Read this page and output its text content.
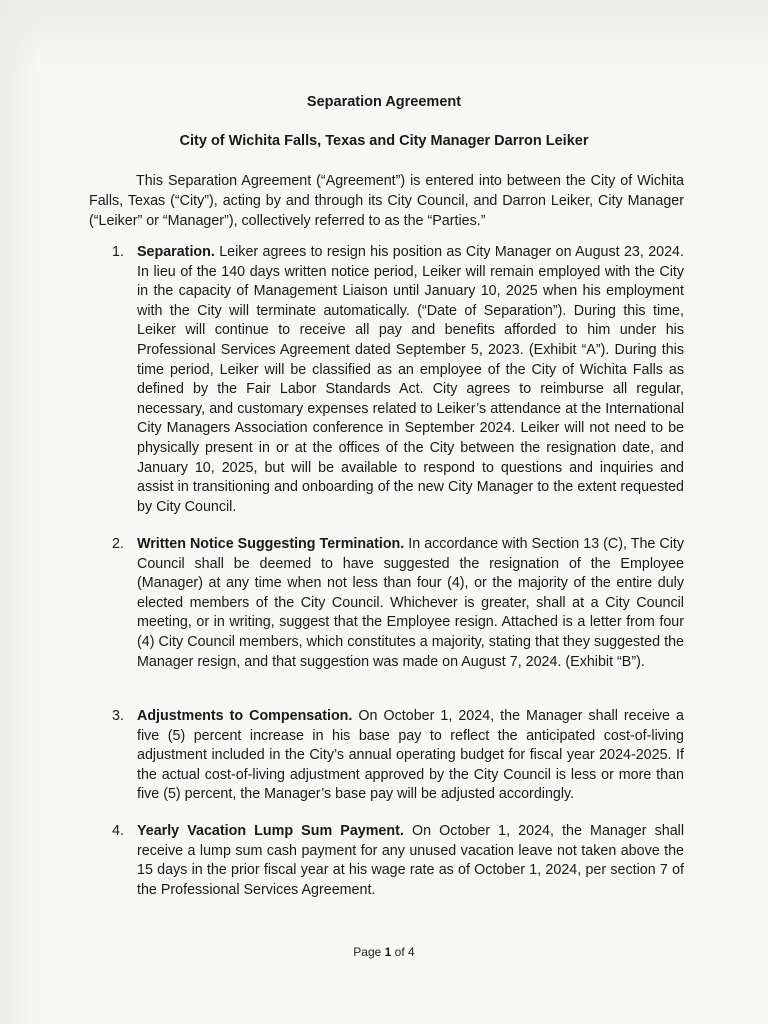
Separation Agreement
City of Wichita Falls, Texas and City Manager Darron Leiker

This Separation Agreement (“Agreement”) is entered into between the City of Wichita Falls, Texas (“City”), acting by and through its City Council, and Darron Leiker, City Manager (“Leiker” or “Manager”), collectively referred to as the “Parties.”

1. Separation. Leiker agrees to resign his position as City Manager on August 23, 2024. In lieu of the 140 days written notice period, Leiker will remain employed with the City in the capacity of Management Liaison until January 10, 2025 when his employment with the City will terminate automatically. (“Date of Separation”). During this time, Leiker will continue to receive all pay and benefits afforded to him under his Professional Services Agreement dated September 5, 2023. (Exhibit “A”). During this time period, Leiker will be classified as an employee of the City of Wichita Falls as defined by the Fair Labor Standards Act. City agrees to reimburse all regular, necessary, and customary expenses related to Leiker’s attendance at the International City Managers Association conference in September 2024. Leiker will not need to be physically present in or at the offices of the City between the resignation date, and January 10, 2025, but will be available to respond to questions and inquiries and assist in transitioning and onboarding of the new City Manager to the extent requested by City Council.
2. Written Notice Suggesting Termination. In accordance with Section 13 (C), The City Council shall be deemed to have suggested the resignation of the Employee (Manager) at any time when not less than four (4), or the majority of the entire duly elected members of the City Council. Whichever is greater, shall at a City Council meeting, or in writing, suggest that the Employee resign. Attached is a letter from four (4) City Council members, which constitutes a majority, stating that they suggested the Manager resign, and that suggestion was made on August 7, 2024. (Exhibit “B”).
3. Adjustments to Compensation. On October 1, 2024, the Manager shall receive a five (5) percent increase in his base pay to reflect the anticipated cost-of-living adjustment included in the City’s annual operating budget for fiscal year 2024-2025. If the actual cost-of-living adjustment approved by the City Council is less or more than five (5) percent, the Manager’s base pay will be adjusted accordingly.
4. Yearly Vacation Lump Sum Payment. On October 1, 2024, the Manager shall receive a lump sum cash payment for any unused vacation leave not taken above the 15 days in the prior fiscal year at his wage rate as of October 1, 2024, per section 7 of the Professional Services Agreement.
Page 1 of 4
